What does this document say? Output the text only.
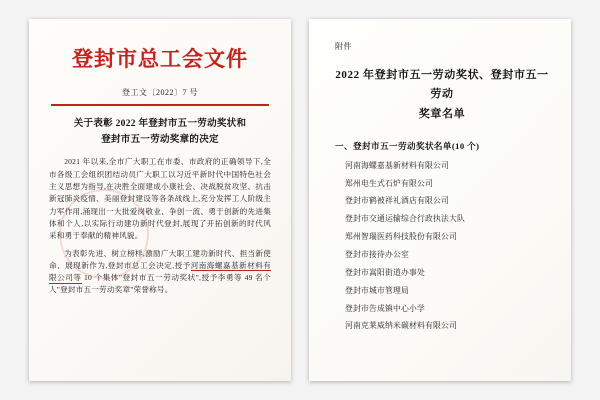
登封市总工会文件
登工文〔2022〕7 号
关于表彰 2022 年登封市五一劳动奖状和
登封市五一劳动奖章的决定

2021 年以来,全市广大职工在市委、市政府的正确领导下,全市各级工会组织团结动员广大职工以习近平新时代中国特色社会主义思想为指导,在决胜全面建成小康社会、决战脱贫攻坚、抗击新冠肺炎疫情、美丽登封建设等各条战线上,充分发挥工人阶级主力军作用,涌现出一大批爱岗敬业、争创一流、勇于创新的先进集体和个人,以实际行动建功新时代登封,展现了开拓创新的时代风采和勇于奉献的精神风貌。

为表彰先进、树立榜样,激励广大职工建功新时代、担当新使命、展现新作为,登封市总工会决定,授予河南海螺嘉基新材料有限公司等 10 个集体"登封市五一劳动奖状",授予李勇等 49 名个人"登封市五一劳动奖章"荣誉称号。

附件
2022 年登封市五一劳动奖状、登封市五一劳动
奖章名单
一、登封市五一劳动奖状名单(10 个)
河南海螺嘉基新材料有限公司
郑州电生式石炉有限公司
登封市鹤被祥礼酒店有限公司
登封市交通运输综合行政执法大队
郑州智瑞医药科技股份有限公司
登封市接待办公室
登封市嵩阳街道办事处
登封市城市管理局
登封市告成镇中心小学
河南克莱威纳米碳材料有限公司
